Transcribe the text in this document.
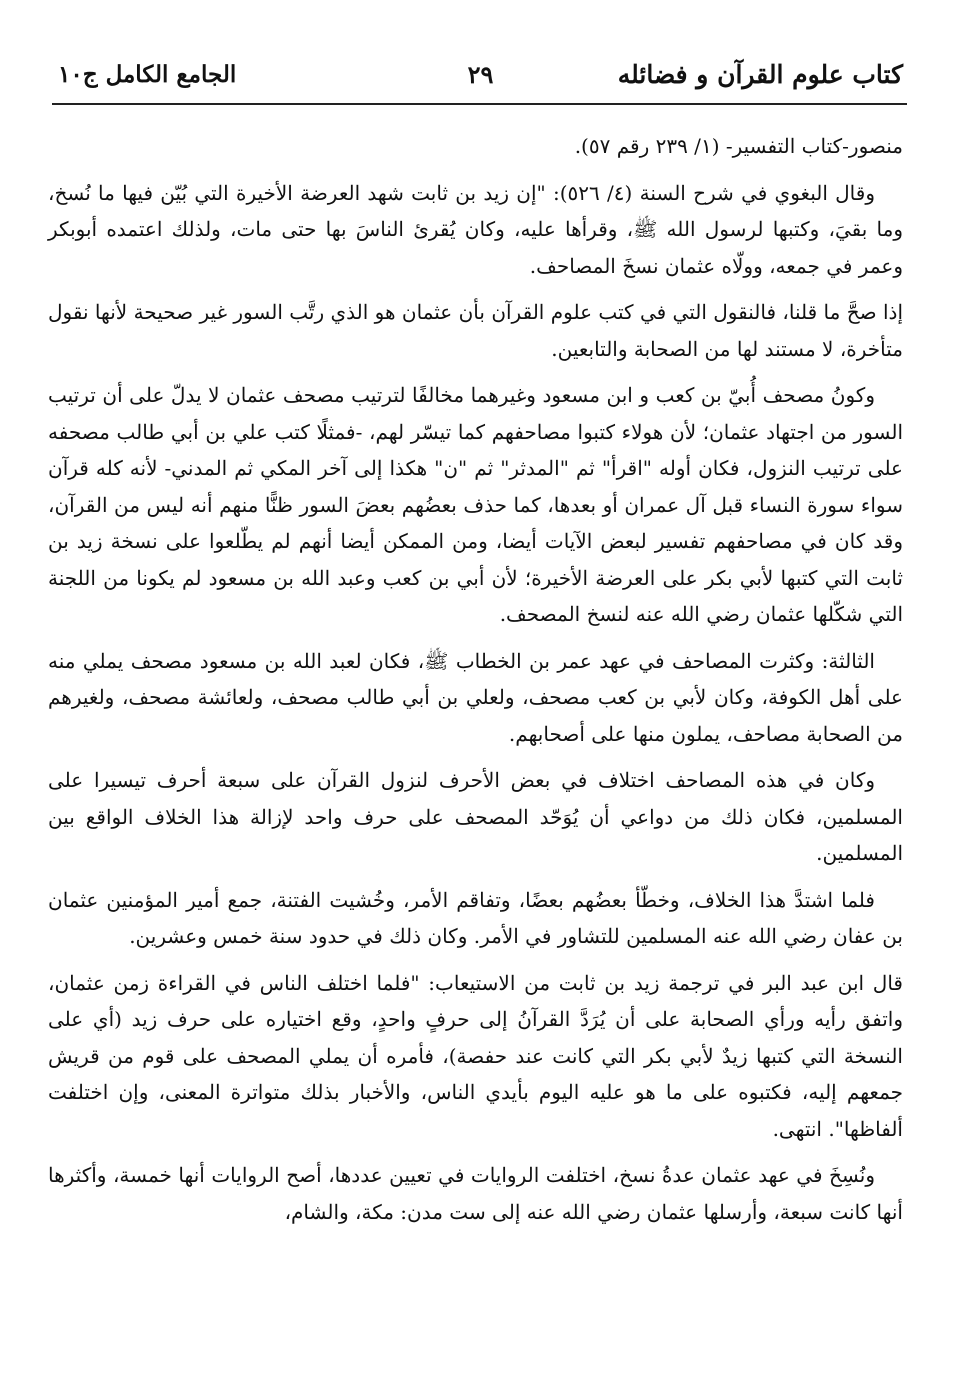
كتاب علوم القرآن و فضائله
٢٩
الجامع الكامل ج١٠

منصور-كتاب التفسير- (١/ ٢٣٩ رقم ٥٧).

وقال البغوي في شرح السنة (٤/ ٥٢٦): "إن زيد بن ثابت شهد العرضة الأخيرة التي بُيّن فيها ما نُسخ، وما بقيَ، وكتبها لرسول الله ﷺ، وقرأها عليه، وكان يُقرئ الناسَ بها حتى مات، ولذلك اعتمده أبوبكر وعمر في جمعه، وولّاه عثمان نسخَ المصاحف.

إذا صحَّ ما قلنا، فالنقول التي في كتب علوم القرآن بأن عثمان هو الذي رتَّب السور غير صحيحة لأنها نقول متأخرة، لا مستند لها من الصحابة والتابعين.

وكونُ مصحف أُبيّ بن كعب و ابن مسعود وغيرهما مخالفًا لترتيب مصحف عثمان لا يدلّ على أن ترتيب السور من اجتهاد عثمان؛ لأن هولاء كتبوا مصاحفهم كما تيسّر لهم، -فمثلًا كتب علي بن أبي طالب مصحفه على ترتيب النزول، فكان أوله "اقرأ" ثم "المدثر" ثم "ن" هكذا إلى آخر المكي ثم المدني- لأنه كله قرآن سواء سورة النساء قبل آل عمران أو بعدها، كما حذف بعضُهم بعضَ السور ظنًّا منهم أنه ليس من القرآن، وقد كان في مصاحفهم تفسير لبعض الآيات أيضا، ومن الممكن أيضا أنهم لم يطّلعوا على نسخة زيد بن ثابت التي كتبها لأبي بكر على العرضة الأخيرة؛ لأن أبي بن كعب وعبد الله بن مسعود لم يكونا من اللجنة التي شكّلها عثمان رضي الله عنه لنسخ المصحف.

الثالثة: وكثرت المصاحف في عهد عمر بن الخطاب ﷺ، فكان لعبد الله بن مسعود مصحف يملي منه على أهل الكوفة، وكان لأبي بن كعب مصحف، ولعلي بن أبي طالب مصحف، ولعائشة مصحف، ولغيرهم من الصحابة مصاحف، يملون منها على أصحابهم.

وكان في هذه المصاحف اختلاف في بعض الأحرف لنزول القرآن على سبعة أحرف تيسيرا على المسلمين، فكان ذلك من دواعي أن يُوَحّد المصحف على حرف واحد لإزالة هذا الخلاف الواقع بين المسلمين.

فلما اشتدَّ هذا الخلاف، وخطّأ بعضُهم بعضًا، وتفاقم الأمر، وخُشيت الفتنة، جمع أمير المؤمنين عثمان بن عفان رضي الله عنه المسلمين للتشاور في الأمر. وكان ذلك في حدود سنة خمس وعشرين.

قال ابن عبد البر في ترجمة زيد بن ثابت من الاستيعاب: "فلما اختلف الناس في القراءة زمن عثمان، واتفق رأيه ورأي الصحابة على أن يُرَدَّ القرآنُ إلى حرفٍ واحدٍ، وقع اختياره على حرف زيد (أي على النسخة التي كتبها زيدٌ لأبي بكر التي كانت عند حفصة)، فأمره أن يملي المصحف على قوم من قريش جمعهم إليه، فكتبوه على ما هو عليه اليوم بأيدي الناس، والأخبار بذلك متواترة المعنى، وإن اختلفت ألفاظها". انتهى.

ونُسِخَ في عهد عثمان عدةُ نسخ، اختلفت الروايات في تعيين عددها، أصح الروايات أنها خمسة، وأكثرها أنها كانت سبعة، وأرسلها عثمان رضي الله عنه إلى ست مدن: مكة، والشام،
